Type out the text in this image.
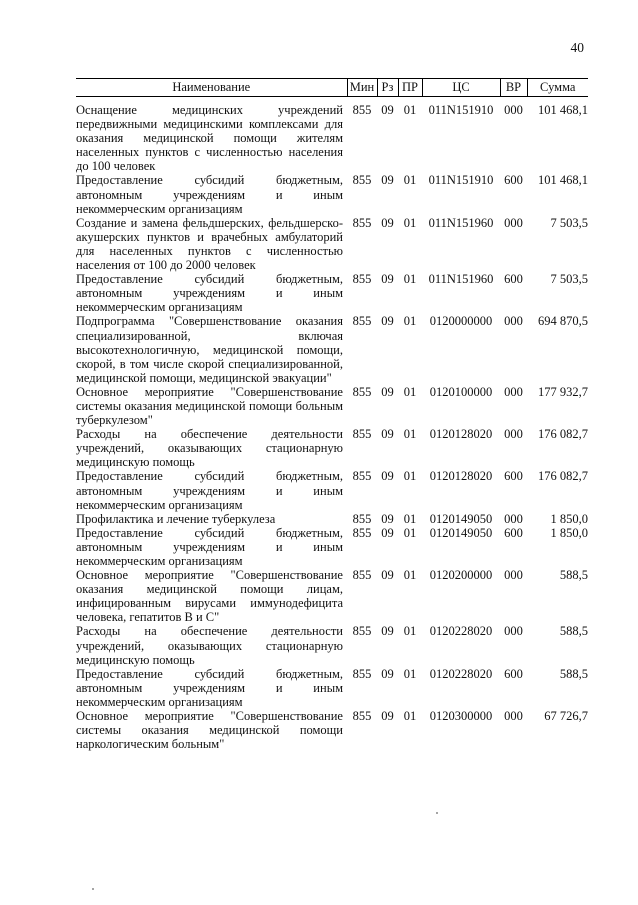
40
Наименование	Мин	Рз	ПР	ЦС	ВР	Сумма
Оснащение медицинских учреждений передвижными медицинскими комплексами для оказания медицинской помощи жителям населенных пунктов с численностью населения до 100 человек	855	09	01	011N151910	000	101 468,1
Предоставление субсидий бюджетным, автономным учреждениям и иным некоммерческим организациям	855	09	01	011N151910	600	101 468,1
Создание и замена фельдшерских, фельдшерско-акушерских пунктов и врачебных амбулаторий для населенных пунктов с численностью населения от 100 до 2000 человек	855	09	01	011N151960	000	7 503,5
Предоставление субсидий бюджетным, автономным учреждениям и иным некоммерческим организациям	855	09	01	011N151960	600	7 503,5
Подпрограмма "Совершенствование оказания специализированной, включая высокотехнологичную, медицинской помощи, скорой, в том числе скорой специализированной, медицинской помощи, медицинской эвакуации"	855	09	01	0120000000	000	694 870,5
Основное мероприятие "Совершенствование системы оказания медицинской помощи больным туберкулезом"	855	09	01	0120100000	000	177 932,7
Расходы на обеспечение деятельности учреждений, оказывающих стационарную медицинскую помощь	855	09	01	0120128020	000	176 082,7
Предоставление субсидий бюджетным, автономным учреждениям и иным некоммерческим организациям	855	09	01	0120128020	600	176 082,7
Профилактика и лечение туберкулеза	855	09	01	0120149050	000	1 850,0
Предоставление субсидий бюджетным, автономным учреждениям и иным некоммерческим организациям	855	09	01	0120149050	600	1 850,0
Основное мероприятие "Совершенствование оказания медицинской помощи лицам, инфицированным вирусами иммунодефицита человека, гепатитов В и С"	855	09	01	0120200000	000	588,5
Расходы на обеспечение деятельности учреждений, оказывающих стационарную медицинскую помощь	855	09	01	0120228020	000	588,5
Предоставление субсидий бюджетным, автономным учреждениям и иным некоммерческим организациям	855	09	01	0120228020	600	588,5
Основное мероприятие "Совершенствование системы оказания медицинской помощи наркологическим больным"	855	09	01	0120300000	000	67 726,7
